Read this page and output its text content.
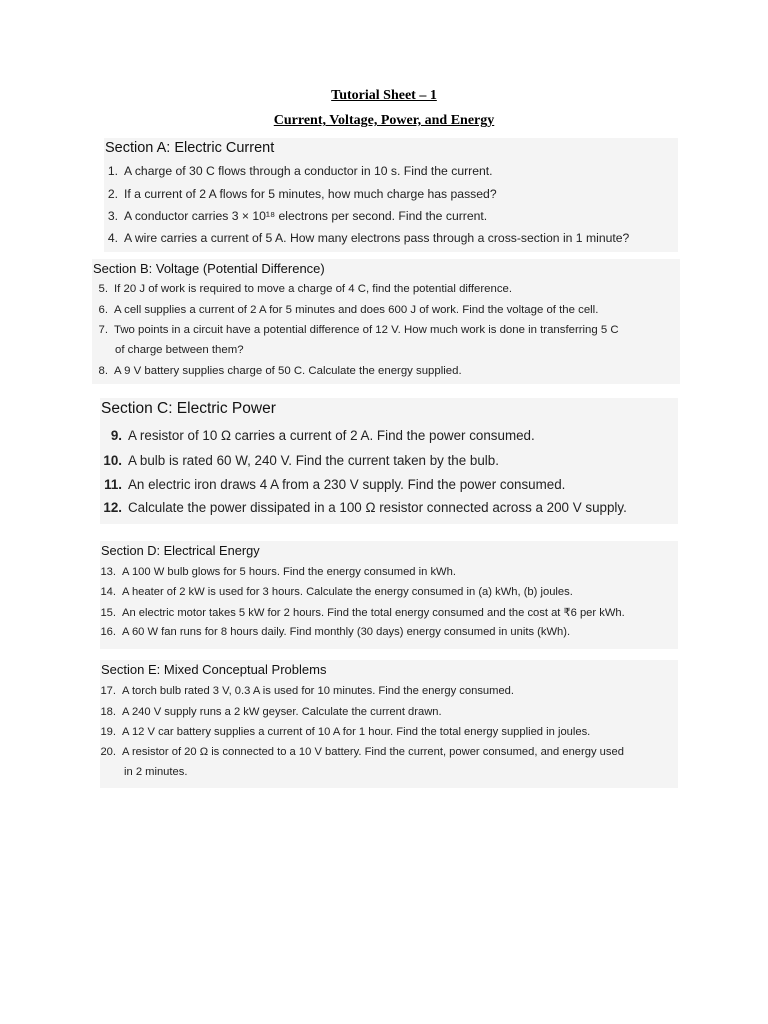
Tutorial Sheet – 1
Current, Voltage, Power, and Energy
Section A: Electric Current
1. A charge of 30 C flows through a conductor in 10 s. Find the current.
2. If a current of 2 A flows for 5 minutes, how much charge has passed?
3. A conductor carries 3 × 10¹⁸ electrons per second. Find the current.
4. A wire carries a current of 5 A. How many electrons pass through a cross-section in 1 minute?
Section B: Voltage (Potential Difference)
5. If 20 J of work is required to move a charge of 4 C, find the potential difference.
6. A cell supplies a current of 2 A for 5 minutes and does 600 J of work. Find the voltage of the cell.
7. Two points in a circuit have a potential difference of 12 V. How much work is done in transferring 5 C
of charge between them?
8. A 9 V battery supplies charge of 50 C. Calculate the energy supplied.
Section C: Electric Power
9. A resistor of 10 Ω carries a current of 2 A. Find the power consumed.
10. A bulb is rated 60 W, 240 V. Find the current taken by the bulb.
11. An electric iron draws 4 A from a 230 V supply. Find the power consumed.
12. Calculate the power dissipated in a 100 Ω resistor connected across a 200 V supply.
Section D: Electrical Energy
13. A 100 W bulb glows for 5 hours. Find the energy consumed in kWh.
14. A heater of 2 kW is used for 3 hours. Calculate the energy consumed in (a) kWh, (b) joules.
15. An electric motor takes 5 kW for 2 hours. Find the total energy consumed and the cost at ₹6 per kWh.
16. A 60 W fan runs for 8 hours daily. Find monthly (30 days) energy consumed in units (kWh).
Section E: Mixed Conceptual Problems
17. A torch bulb rated 3 V, 0.3 A is used for 10 minutes. Find the energy consumed.
18. A 240 V supply runs a 2 kW geyser. Calculate the current drawn.
19. A 12 V car battery supplies a current of 10 A for 1 hour. Find the total energy supplied in joules.
20. A resistor of 20 Ω is connected to a 10 V battery. Find the current, power consumed, and energy used
in 2 minutes.
